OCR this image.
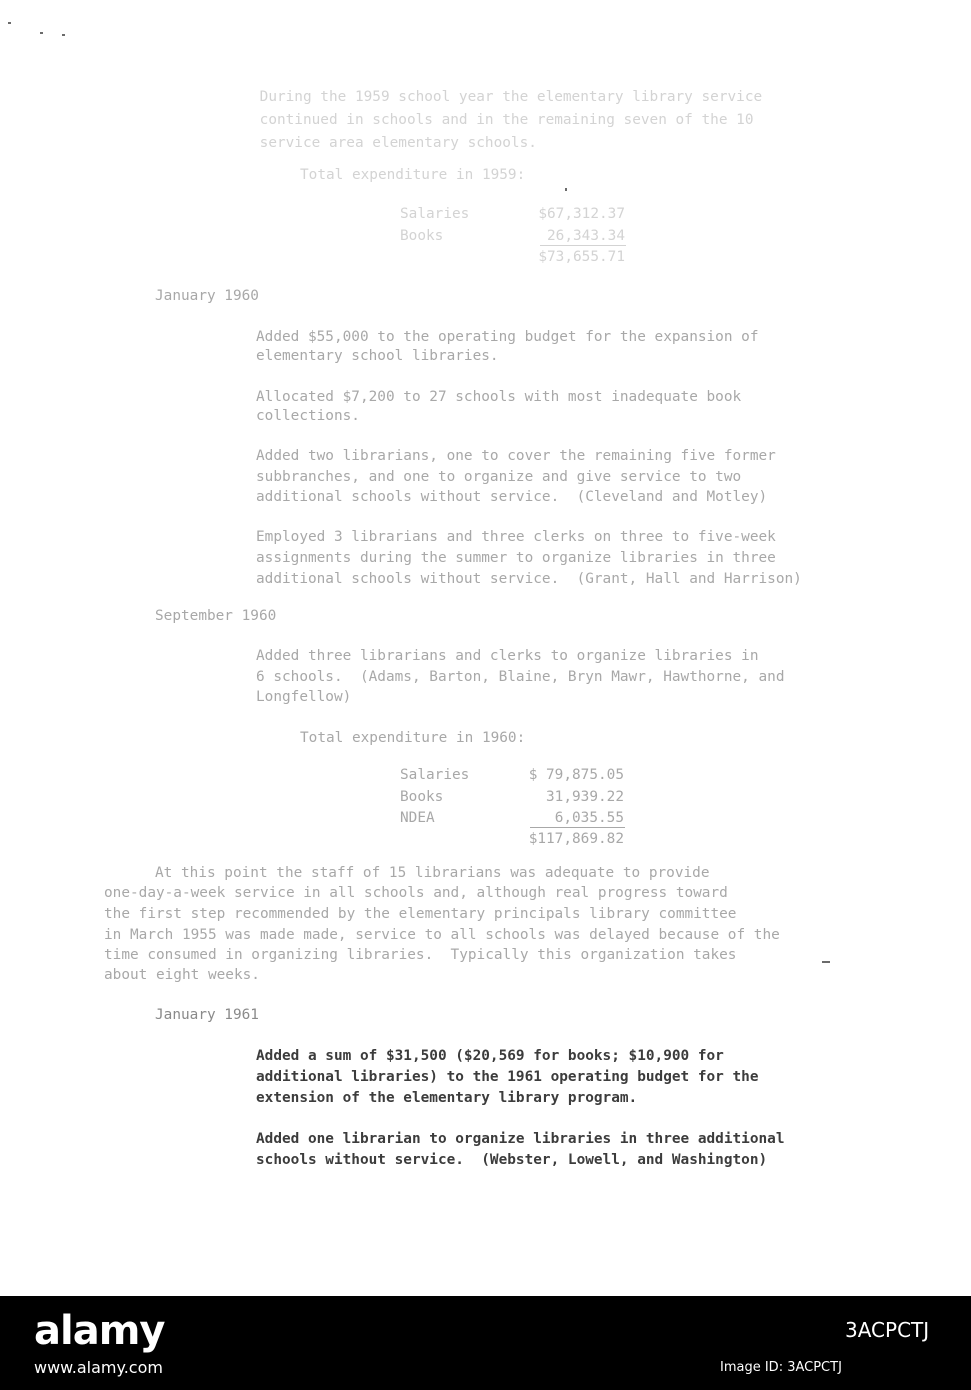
During the 1959 school year the elementary library service
continued in schools and in the remaining seven of the 10
service area elementary schools.
Total expenditure in 1959:
Salaries	$67,312.37
Books	26,343.34
$73,655.71
January 1960
Added $55,000 to the operating budget for the expansion of
elementary school libraries.
Allocated $7,200 to 27 schools with most inadequate book
collections.
Added two librarians, one to cover the remaining five former
subbranches, and one to organize and give service to two
additional schools without service.  (Cleveland and Motley)
Employed 3 librarians and three clerks on three to five-week
assignments during the summer to organize libraries in three
additional schools without service.  (Grant, Hall and Harrison)
September 1960
Added three librarians and clerks to organize libraries in
6 schools.  (Adams, Barton, Blaine, Bryn Mawr, Hawthorne, and
Longfellow)
Total expenditure in 1960:
Salaries	$ 79,875.05
Books	31,939.22
NDEA	6,035.55
$117,869.82
At this point the staff of 15 librarians was adequate to provide
one-day-a-week service in all schools and, although real progress toward
the first step recommended by the elementary principals library committee
in March 1955 was made made, service to all schools was delayed because of the
time consumed in organizing libraries.  Typically this organization takes
about eight weeks.
January 1961
Added a sum of $31,500 ($20,569 for books; $10,900 for
additional libraries) to the 1961 operating budget for the
extension of the elementary library program.
Added one librarian to organize libraries in three additional
schools without service.  (Webster, Lowell, and Washington)
alamy	3ACPCTJ
www.alamy.com	Image ID: 3ACPCTJ
